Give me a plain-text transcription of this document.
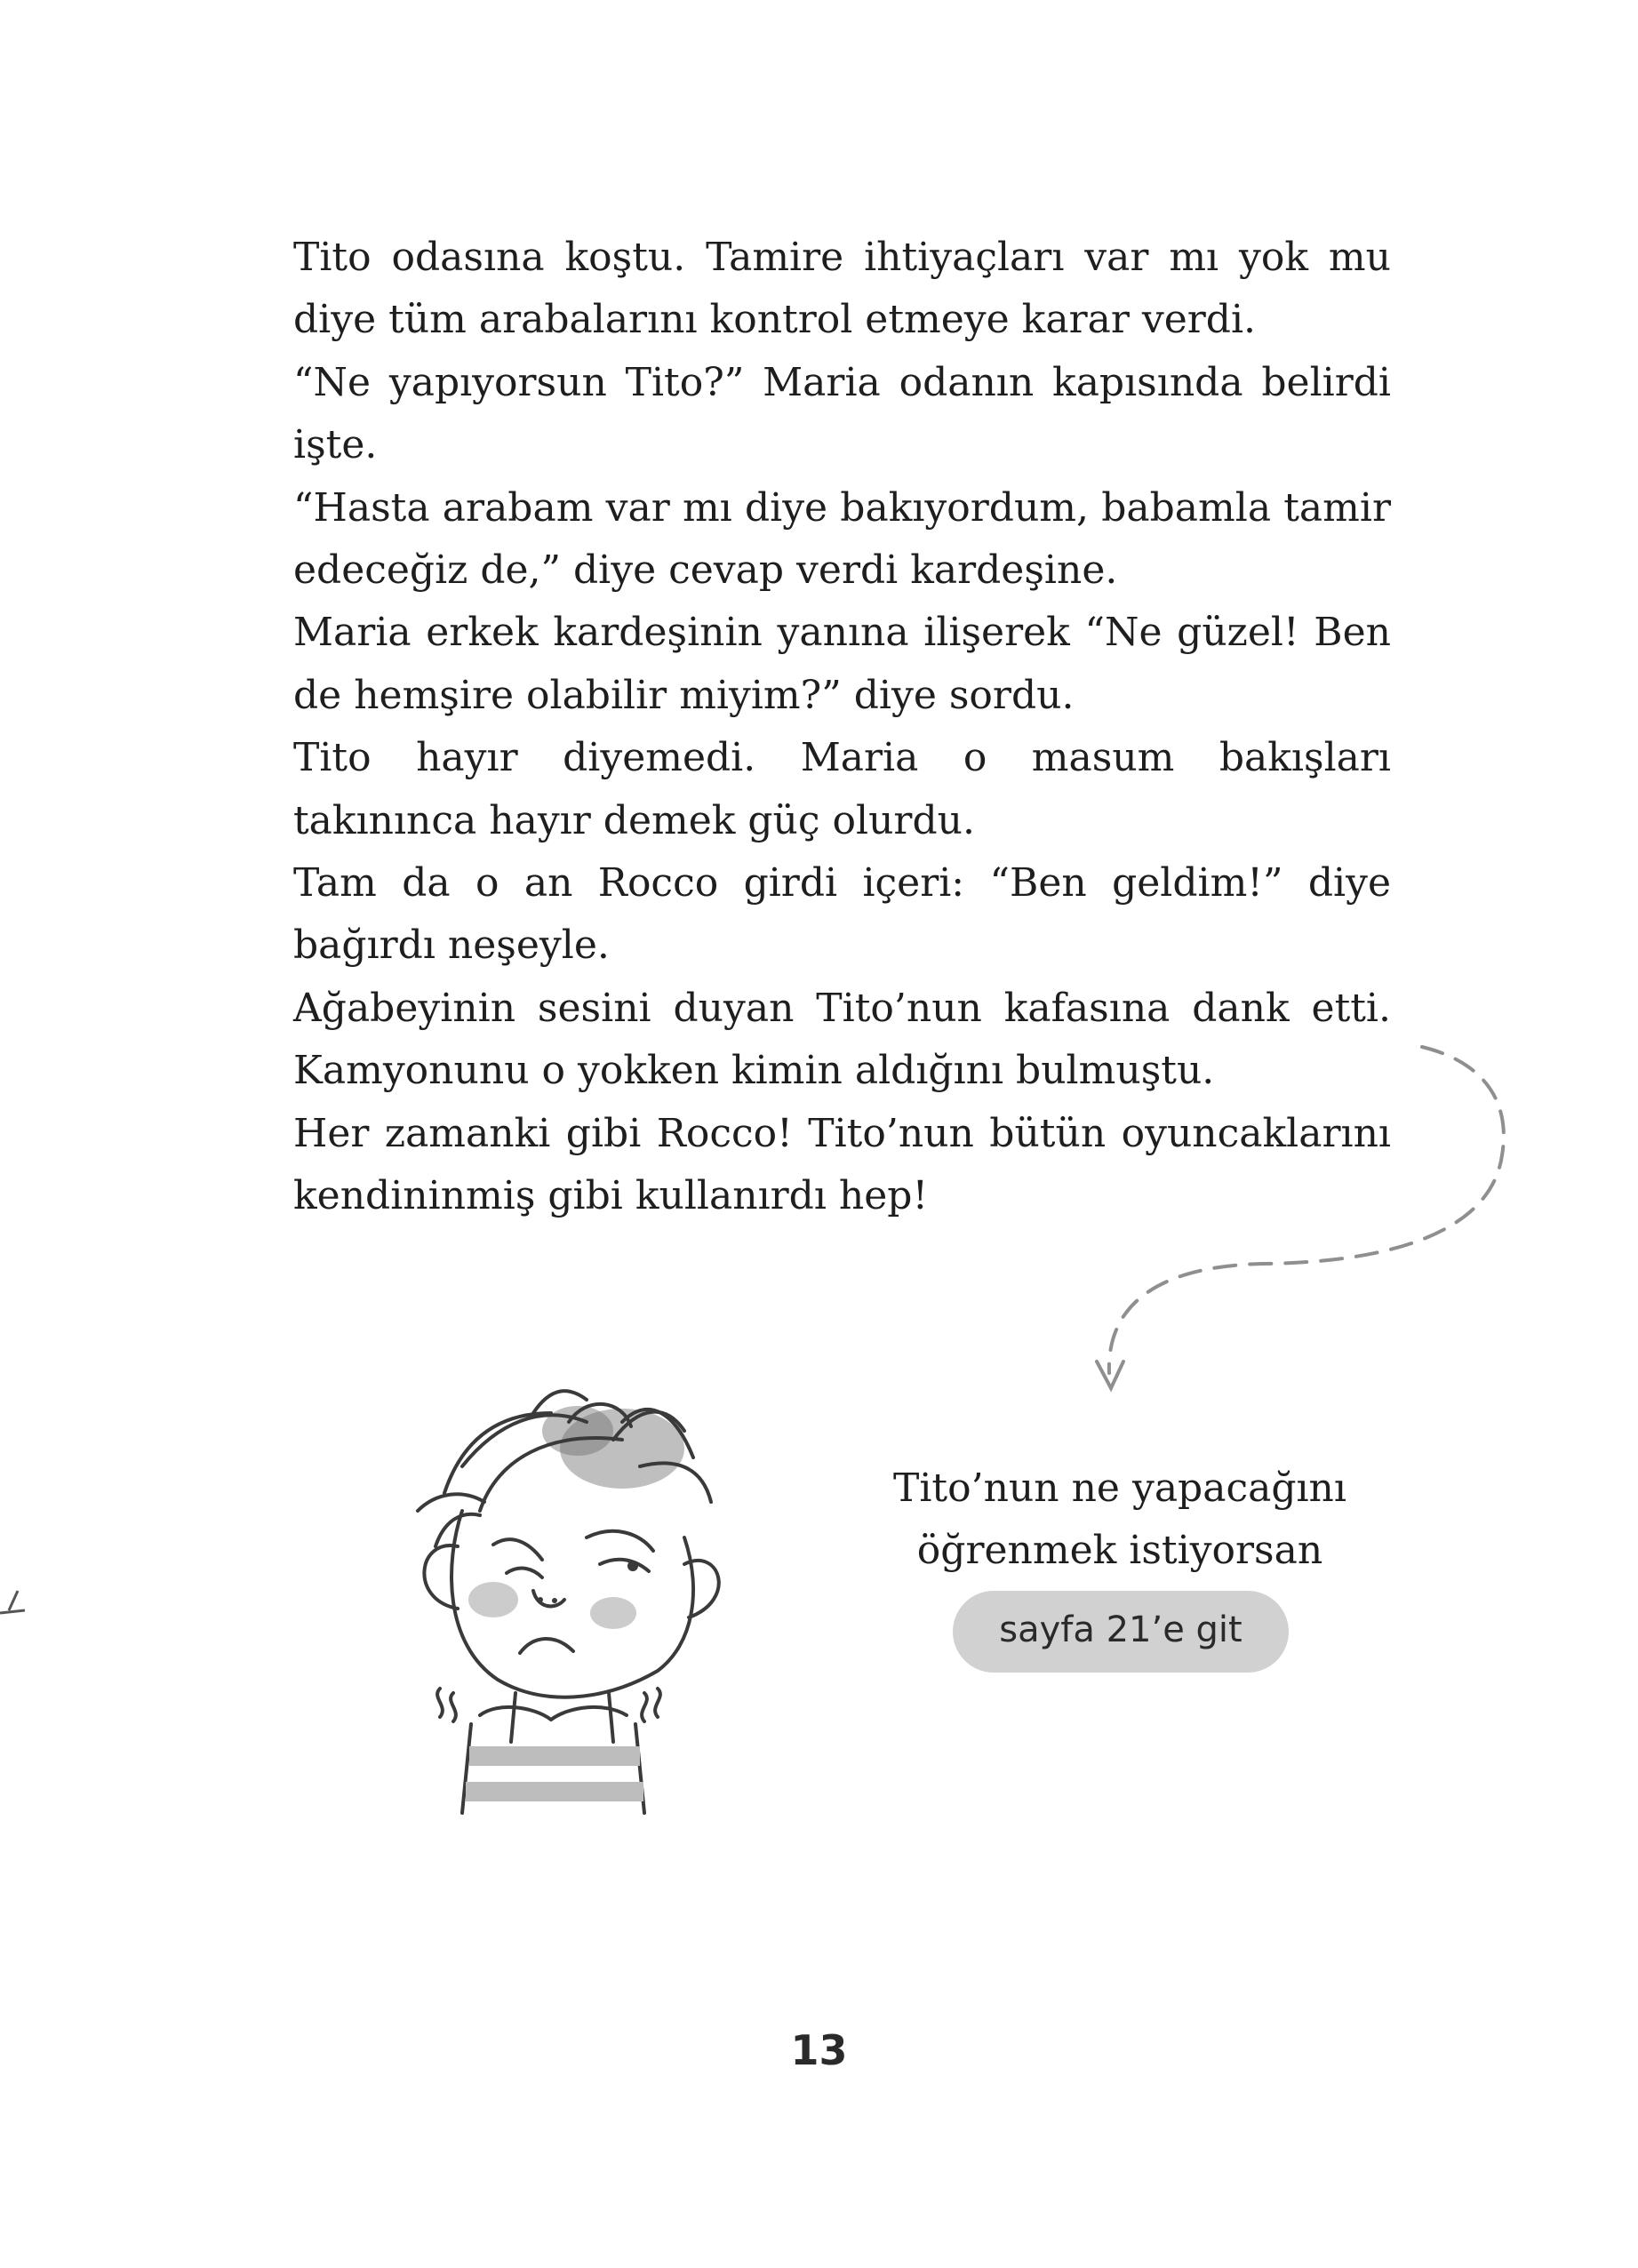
Tito odasına koştu. Tamire ihtiyaçları var mı yok mu diye tüm arabalarını kontrol etmeye karar verdi.

“Ne yapıyorsun Tito?” Maria odanın kapısında belirdi işte.

“Hasta arabam var mı diye bakıyordum, babamla tamir edeceğiz de,” diye cevap verdi kardeşine.

Maria erkek kardeşinin yanına ilişerek “Ne güzel! Ben de hemşire olabilir miyim?” diye sordu.

Tito hayır diyemedi. Maria o masum bakışları takınınca hayır demek güç olurdu.

Tam da o an Rocco girdi içeri: “Ben geldim!” diye bağırdı neşeyle.

Ağabeyinin sesini duyan Tito’nun kafasına dank etti. Kamyonunu o yokken kimin aldığını bulmuştu.

Her zamanki gibi Rocco! Tito’nun bütün oyuncaklarını kendininmiş gibi kullanırdı hep!

Tito’nun ne yapacağını

öğrenmek istiyorsan

sayfa 21’e git
13
